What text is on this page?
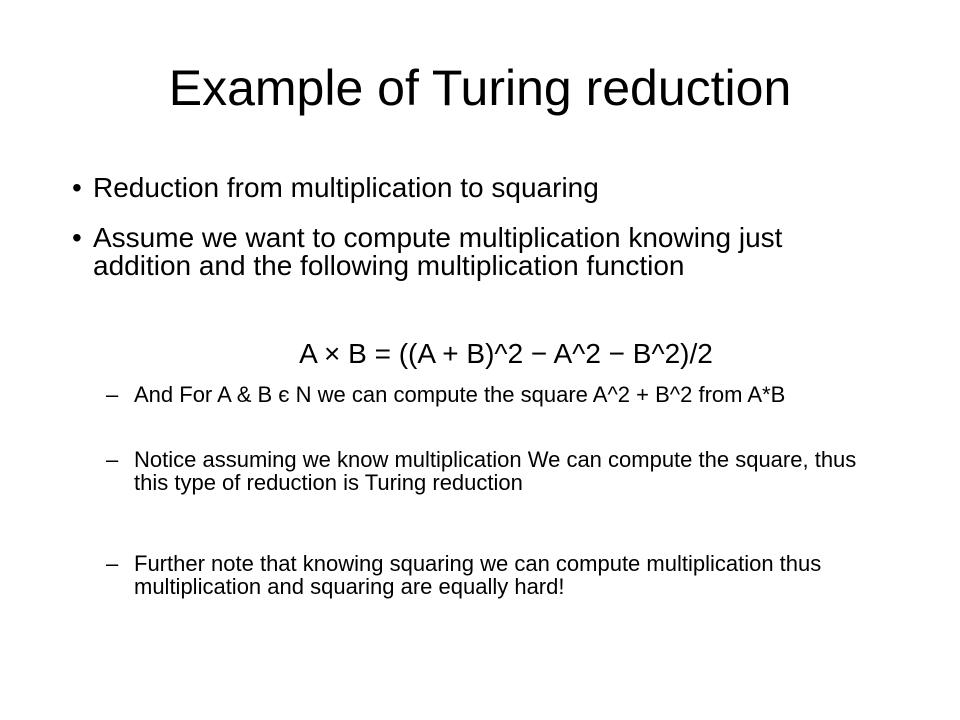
Example of Turing reduction
• Reduction from multiplication to squaring
• Assume we want to compute multiplication knowing just addition and the following multiplication function
A × B = ((A + B)^2 − A^2 − B^2)/2
– And For A & B є N we can compute the square A^2 + B^2 from A*B
– Notice assuming we know multiplication We can compute the square, thus this type of reduction is Turing reduction
– Further note that knowing squaring we can compute multiplication thus multiplication and squaring are equally hard!
